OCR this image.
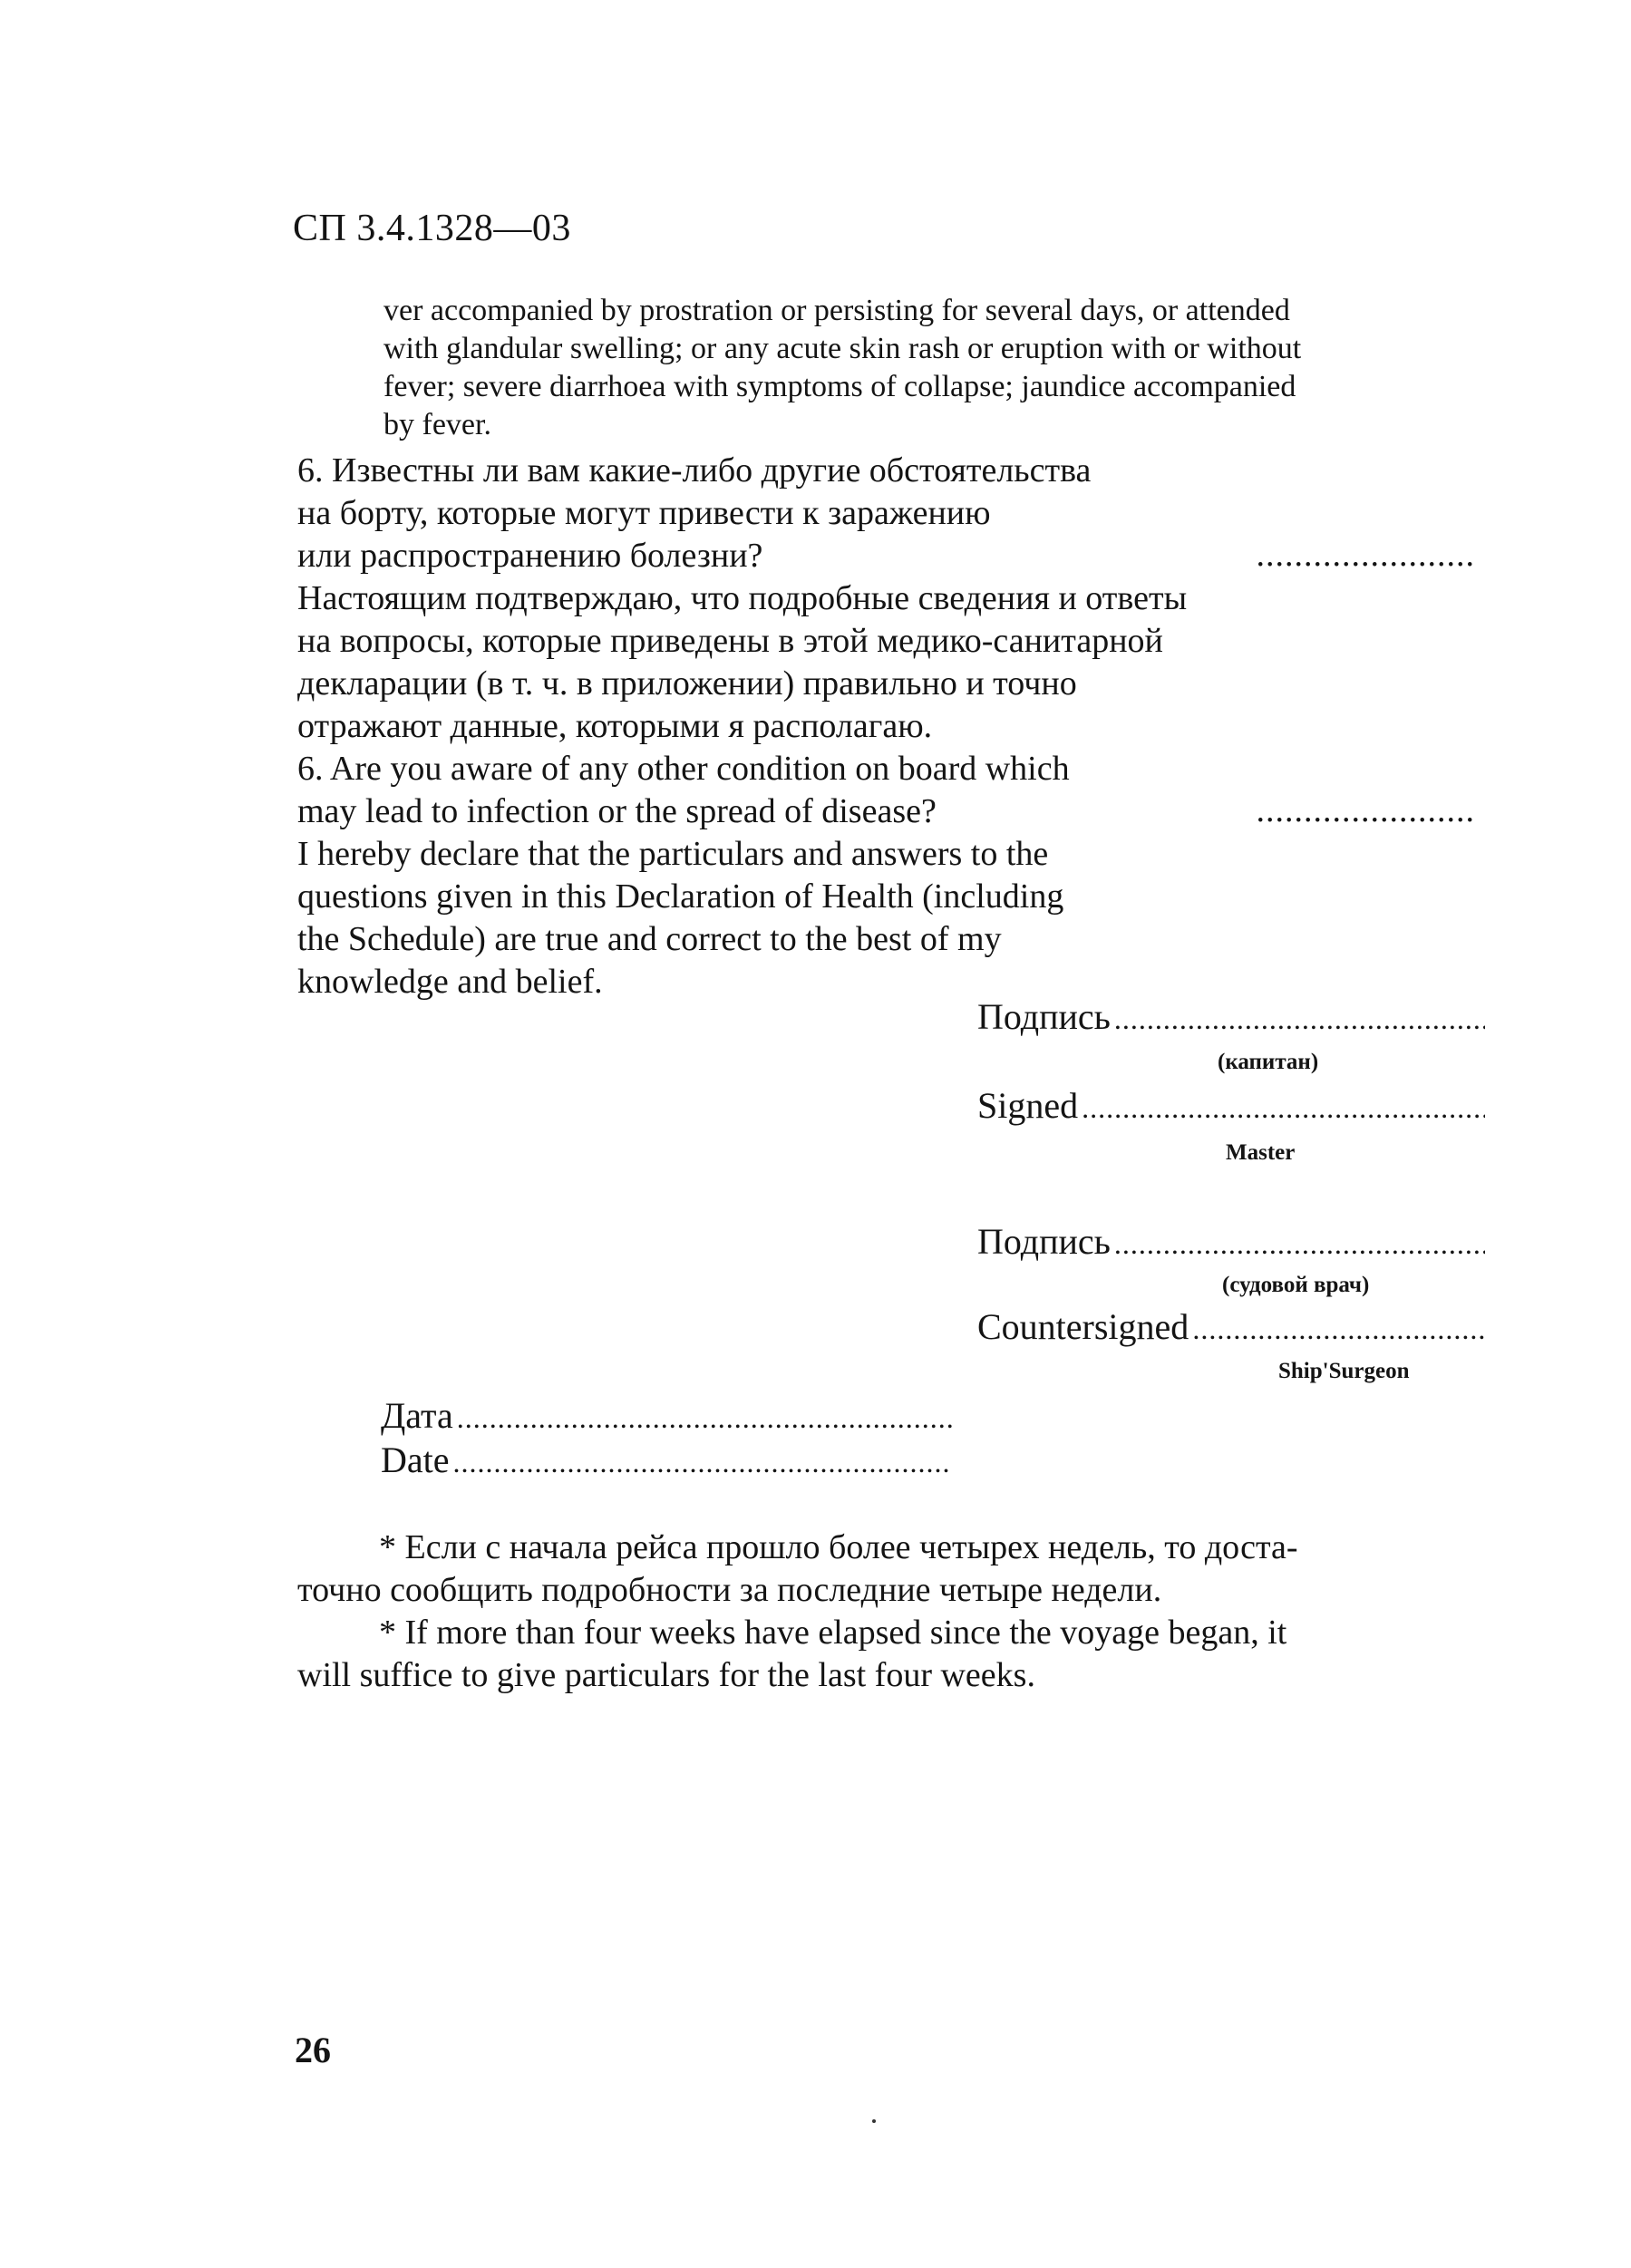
СП 3.4.1328—03
ver accompanied by prostration or persisting for several days, or attended
with glandular swelling; or any acute skin rash or eruption with or without
fever; severe diarrhoea with symptoms of collapse; jaundice accompanied
by fever.
6. Известны ли вам какие-либо другие обстоятельства
на борту, которые могут привести к заражению
или распространению болезни?	.......................
Настоящим подтверждаю, что подробные сведения и ответы
на вопросы, которые приведены в этой медико-санитарной
декларации (в т. ч. в приложении) правильно и точно
отражают данные, которыми я располагаю.
6. Are you aware of any other condition on board which
may lead to infection or the spread of disease?	.......................
I hereby declare that the particulars and answers to the
questions given in this Declaration of Health (including
the Schedule) are true and correct to the best of my
knowledge and belief.
Подпись
.....
(капитан)
Signed
.....
Master
Подпись
.....
(судовой врач)
Countersigned
.....
Ship'Surgeon
Дата
.....
Date
.....
* Если с начала рейса прошло более четырех недель, то доста-
точно сообщить подробности за последние четыре недели.
* If more than four weeks have elapsed since the voyage began, it
will suffice to give particulars for the last four weeks.
26
